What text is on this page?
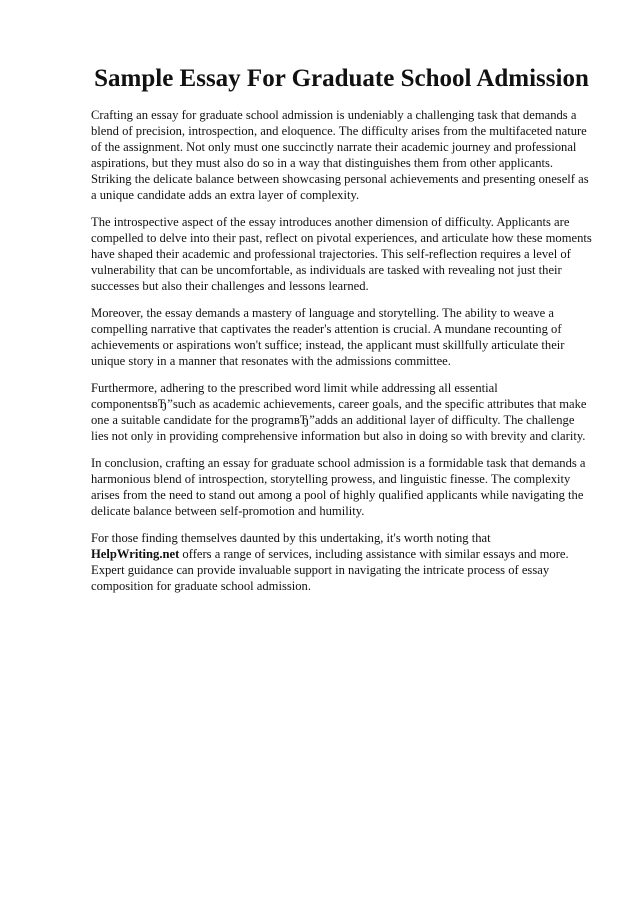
Sample Essay For Graduate School Admission

Crafting an essay for graduate school admission is undeniably a challenging task that demands a blend of precision, introspection, and eloquence. The difficulty arises from the multifaceted nature of the assignment. Not only must one succinctly narrate their academic journey and professional aspirations, but they must also do so in a way that distinguishes them from other applicants. Striking the delicate balance between showcasing personal achievements and presenting oneself as a unique candidate adds an extra layer of complexity.

The introspective aspect of the essay introduces another dimension of difficulty. Applicants are compelled to delve into their past, reflect on pivotal experiences, and articulate how these moments have shaped their academic and professional trajectories. This self-reflection requires a level of vulnerability that can be uncomfortable, as individuals are tasked with revealing not just their successes but also their challenges and lessons learned.

Moreover, the essay demands a mastery of language and storytelling. The ability to weave a compelling narrative that captivates the reader's attention is crucial. A mundane recounting of achievements or aspirations won't suffice; instead, the applicant must skillfully articulate their unique story in a manner that resonates with the admissions committee.

Furthermore, adhering to the prescribed word limit while addressing all essential componentsвЂ”such as academic achievements, career goals, and the specific attributes that make one a suitable candidate for the programвЂ”adds an additional layer of difficulty. The challenge lies not only in providing comprehensive information but also in doing so with brevity and clarity.

In conclusion, crafting an essay for graduate school admission is a formidable task that demands a harmonious blend of introspection, storytelling prowess, and linguistic finesse. The complexity arises from the need to stand out among a pool of highly qualified applicants while navigating the delicate balance between self-promotion and humility.

For those finding themselves daunted by this undertaking, it's worth noting that
HelpWriting.net offers a range of services, including assistance with similar essays and more. Expert guidance can provide invaluable support in navigating the intricate process of essay composition for graduate school admission.
